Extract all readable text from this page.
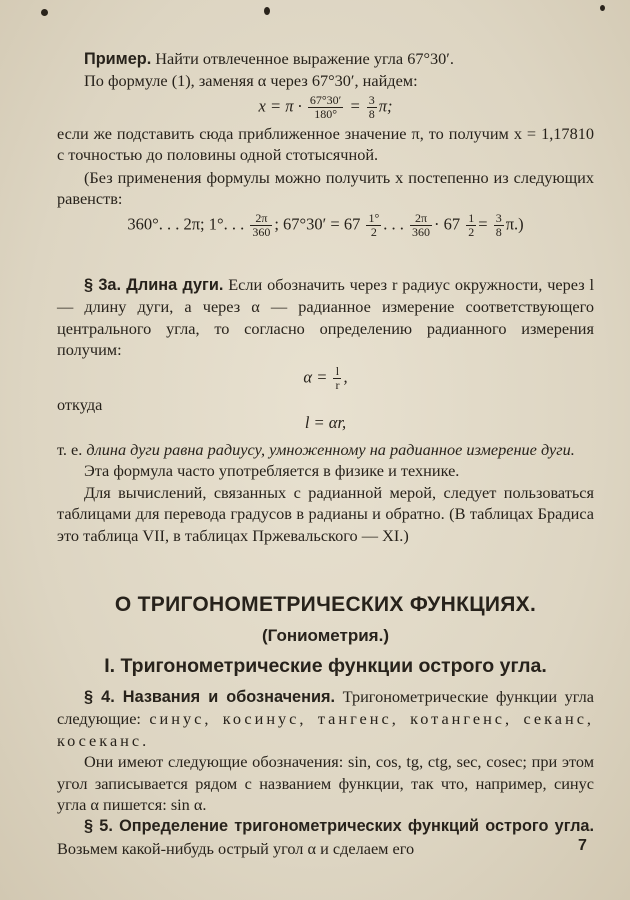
Пример. Найти отвлеченное выражение угла 67°30′.

По формуле (1), заменяя α через 67°30′, найдем:

$x = \pi \cdot \frac{67^\circ 30'}{180^\circ} = \frac{3}{8} \pi$;

если же подставить сюда приближенное значение π, то получим x = 1,17810 с точностью до половины одной стотысячной.

(Без применения формулы можно получить x постепенно из следующих равенств:

360°. . . 2π; 1°. . . $\frac{2\pi}{360}$ ; $67^\circ 30' = 67 \frac{1^\circ}{2}$ . . . $\frac{2\pi}{360} \cdot 67 \frac{1}{2} = \frac{3}{8} \pi$.)

§ 3а. Длина дуги. Если обозначить через r радиус окружности, через l — длину дуги, а через α — радианное измерение соответствующего центрального угла, то согласно определению радианного измерения получим:

$\alpha = \frac{l}{r}$ ,

откуда

l = αr,

т. е. длина дуги равна радиусу, умноженному на радианное измерение дуги.

Эта формула часто употребляется в физике и технике.

Для вычислений, связанных с радианной мерой, следует пользоваться таблицами для перевода градусов в радианы и обратно. (В таблицах Брадиса это таблица VII, в таблицах Пржевальского — XI.)

О ТРИГОНОМЕТРИЧЕСКИХ ФУНКЦИЯХ.
(Гониометрия.)
I. Тригонометрические функции острого угла.

§ 4. Названия и обозначения. Тригонометрические функции угла следующие: синус, косинус, тангенс, котангенс, секанс, косеканс.

Они имеют следующие обозначения: sin, cos, tg, ctg, sec, cosec; при этом угол записывается рядом с названием функции, так что, например, синус угла α пишется: sin α.

§ 5. Определение тригонометрических функций острого угла. Возьмем какой-нибудь острый угол α и сделаем его	7
